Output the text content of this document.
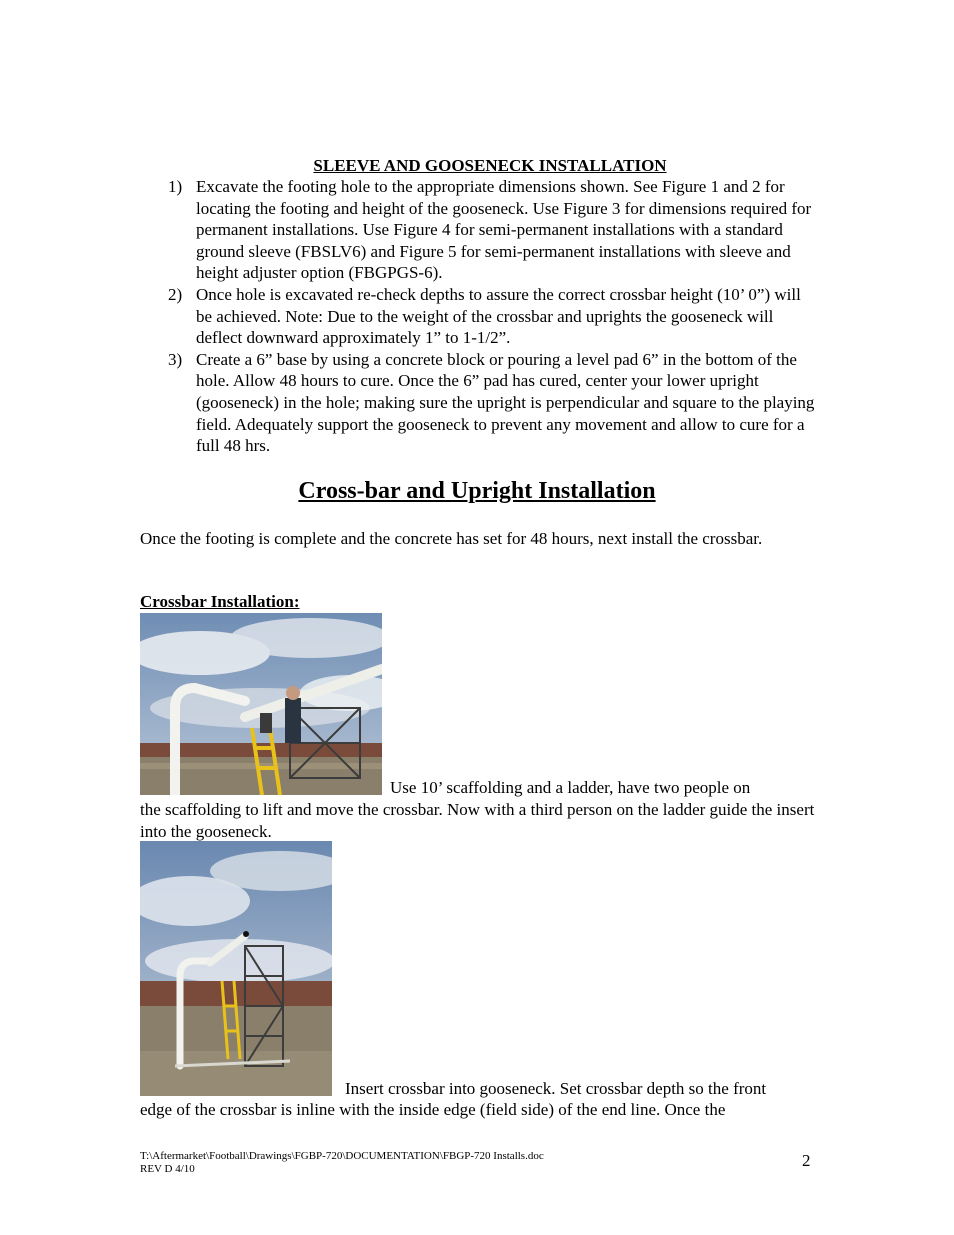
SLEEVE AND GOOSENECK INSTALLATION
1) Excavate the footing hole to the appropriate dimensions shown. See Figure 1 and 2 for locating the footing and height of the gooseneck. Use Figure 3 for dimensions required for permanent installations. Use Figure 4 for semi-permanent installations with a standard ground sleeve (FBSLV6) and Figure 5 for semi-permanent installations with sleeve and height adjuster option (FBGPGS-6).
2) Once hole is excavated re-check depths to assure the correct crossbar height (10’ 0”) will be achieved. Note: Due to the weight of the crossbar and uprights the gooseneck will deflect downward approximately 1” to 1-1/2”.
3) Create a 6” base by using a concrete block or pouring a level pad 6” in the bottom of the hole. Allow 48 hours to cure. Once the 6” pad has cured, center your lower upright (gooseneck) in the hole; making sure the upright is perpendicular and square to the playing field. Adequately support the gooseneck to prevent any movement and allow to cure for a full 48 hrs.
Cross-bar and Upright Installation

Once the footing is complete and the concrete has set for 48 hours, next install the crossbar.

Crossbar Installation:
Use 10’ scaffolding and a ladder, have two people on

the scaffolding to lift and move the crossbar. Now with a third person on the ladder guide the insert into the gooseneck.

Insert crossbar into gooseneck. Set crossbar depth so the front

edge of the crossbar is inline with the inside edge (field side) of the end line. Once the

T:\Aftermarket\Football\Drawings\FGBP-720\DOCUMENTATION\FBGP-720 Installs.doc
REV D 4/10	2
